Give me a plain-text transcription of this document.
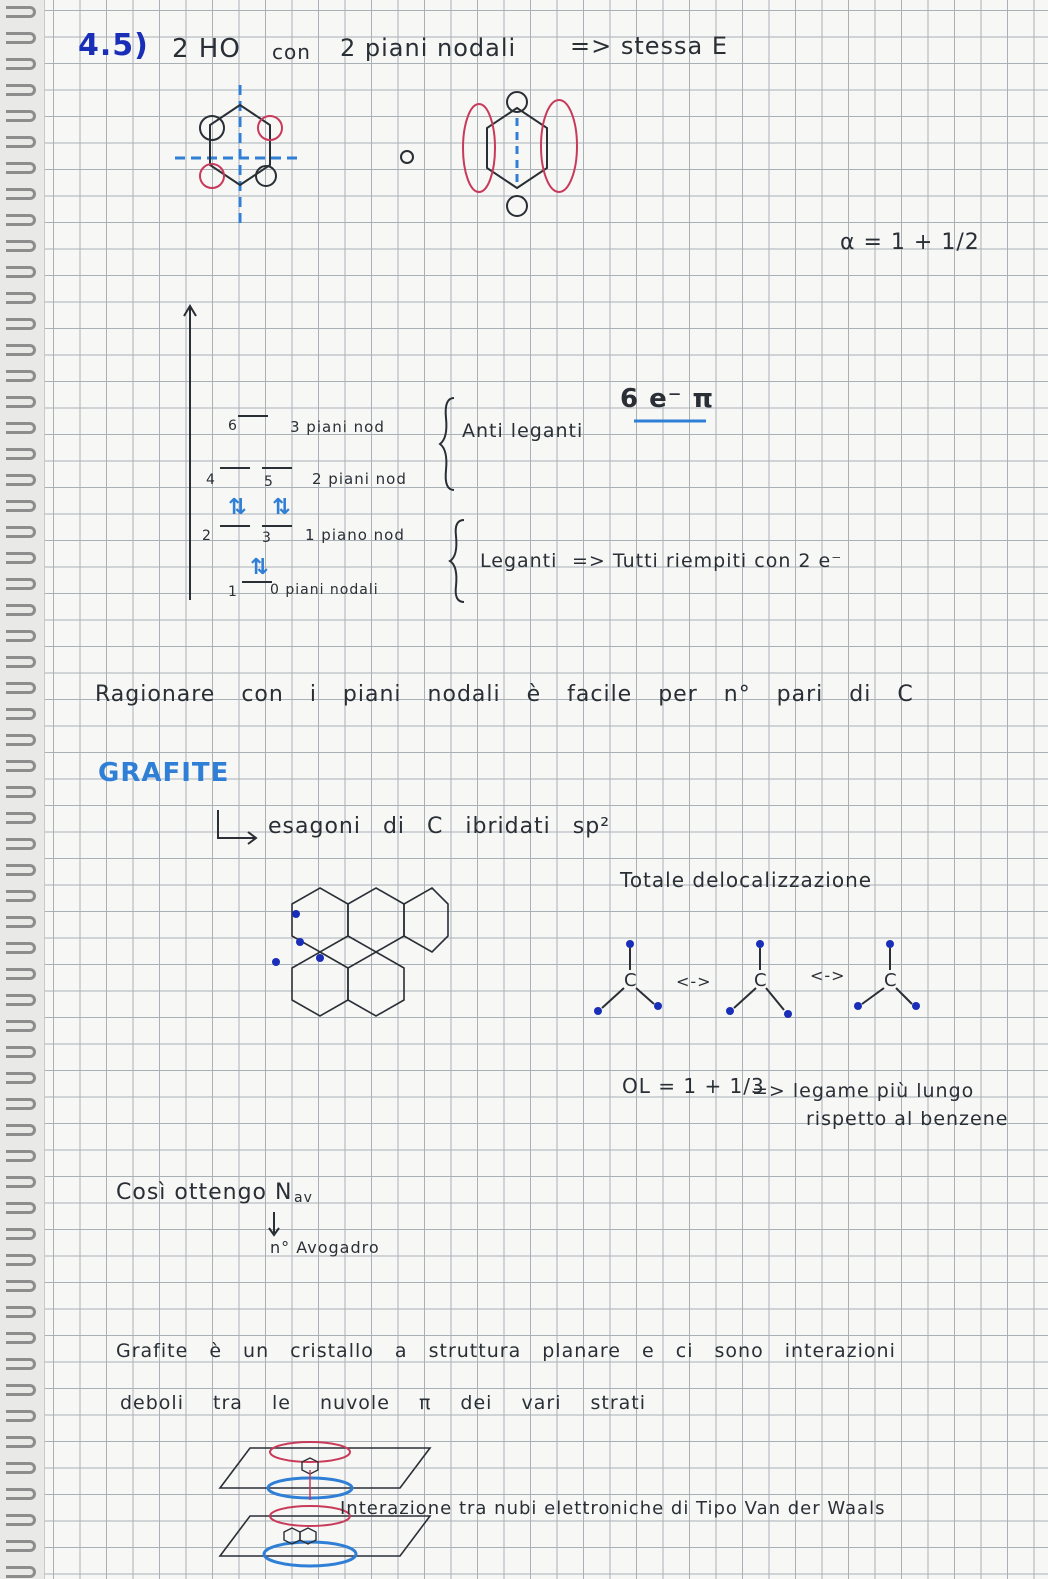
4.5) 2 HO con 2 piani nodali => stessa E
α = 1 + 1/2
⇅ ⇅
⇅
6	3 piani nod
4	5	2 piani nod
2	3 1 piano nod
1 0 piani nodali
Anti leganti
Leganti => Tutti riempiti con 2 e⁻
6 e⁻ π
Ragionare con i piani nodali è facile per n° pari di C
GRAFITE
esagoni di C ibridati sp²
Totale delocalizzazione
C <-> C	<-> C
OL = 1 + 1/3
=> legame più lungo
rispetto al benzene
Così ottengo N av
n° Avogadro
Grafite è un cristallo a struttura planare e ci sono interazioni
deboli tra le nuvole π dei vari strati
Interazione tra nubi elettroniche di Tipo Van der Waals
